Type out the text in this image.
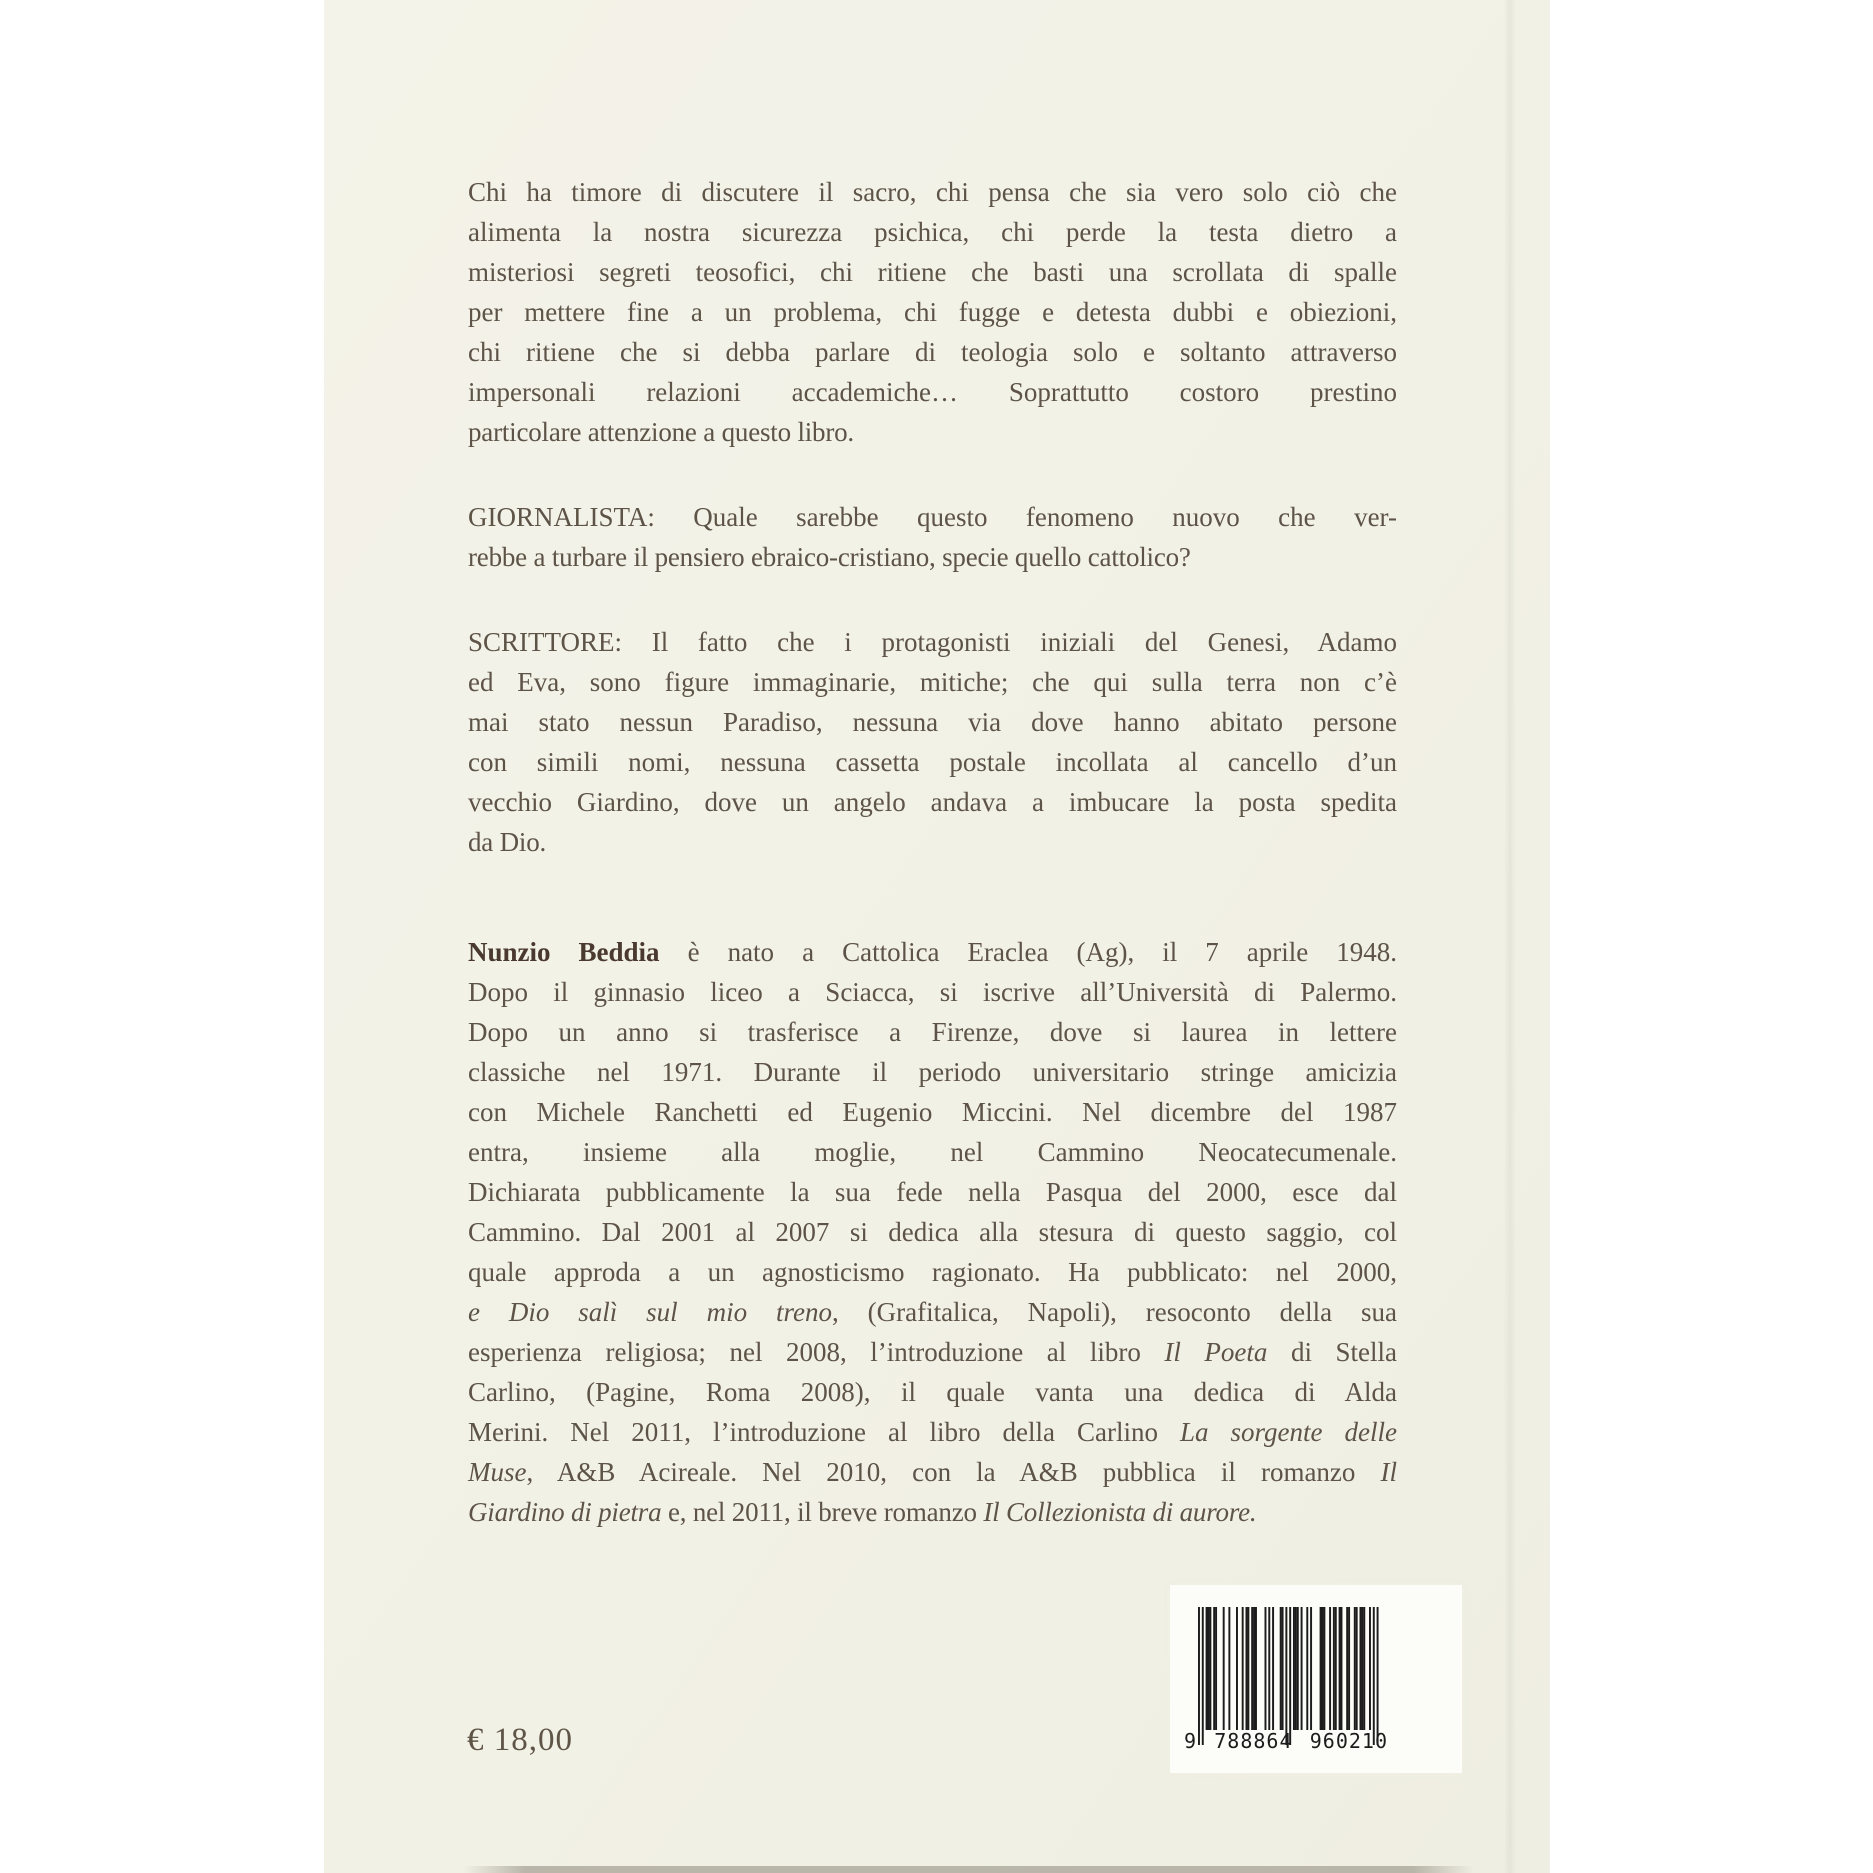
Chi ha timore di discutere il sacro, chi pensa che sia vero solo ciò che
alimenta la nostra sicurezza psichica, chi perde la testa dietro a
misteriosi segreti teosofici, chi ritiene che basti una scrollata di spalle
per mettere fine a un problema, chi fugge e detesta dubbi e obiezioni,
chi ritiene che si debba parlare di teologia solo e soltanto attraverso
impersonali relazioni accademiche… Soprattutto costoro prestino
particolare attenzione a questo libro.
GIORNALISTA: Quale sarebbe questo fenomeno nuovo che ver-
rebbe a turbare il pensiero ebraico-cristiano, specie quello cattolico?
SCRITTORE: Il fatto che i protagonisti iniziali del Genesi, Adamo
ed Eva, sono figure immaginarie, mitiche; che qui sulla terra non c’è
mai stato nessun Paradiso, nessuna via dove hanno abitato persone
con simili nomi, nessuna cassetta postale incollata al cancello d’un
vecchio Giardino, dove un angelo andava a imbucare la posta spedita
da Dio.
Nunzio Beddia è nato a Cattolica Eraclea (Ag), il 7 aprile 1948.
Dopo il ginnasio liceo a Sciacca, si iscrive all’Università di Palermo.
Dopo un anno si trasferisce a Firenze, dove si laurea in lettere
classiche nel 1971. Durante il periodo universitario stringe amicizia
con Michele Ranchetti ed Eugenio Miccini. Nel dicembre del 1987
entra, insieme alla moglie, nel Cammino Neocatecumenale.
Dichiarata pubblicamente la sua fede nella Pasqua del 2000, esce dal
Cammino. Dal 2001 al 2007 si dedica alla stesura di questo saggio, col
quale approda a un agnosticismo ragionato. Ha pubblicato: nel 2000,
e Dio salì sul mio treno, (Grafitalica, Napoli), resoconto della sua
esperienza religiosa; nel 2008, l’introduzione al libro Il Poeta di Stella
Carlino, (Pagine, Roma 2008), il quale vanta una dedica di Alda
Merini. Nel 2011, l’introduzione al libro della Carlino La sorgente delle
Muse, A&B Acireale. Nel 2010, con la A&B pubblica il romanzo Il
Giardino di pietra e, nel 2011, il breve romanzo Il Collezionista di aurore.
€ 18,00	9 788864 960210
